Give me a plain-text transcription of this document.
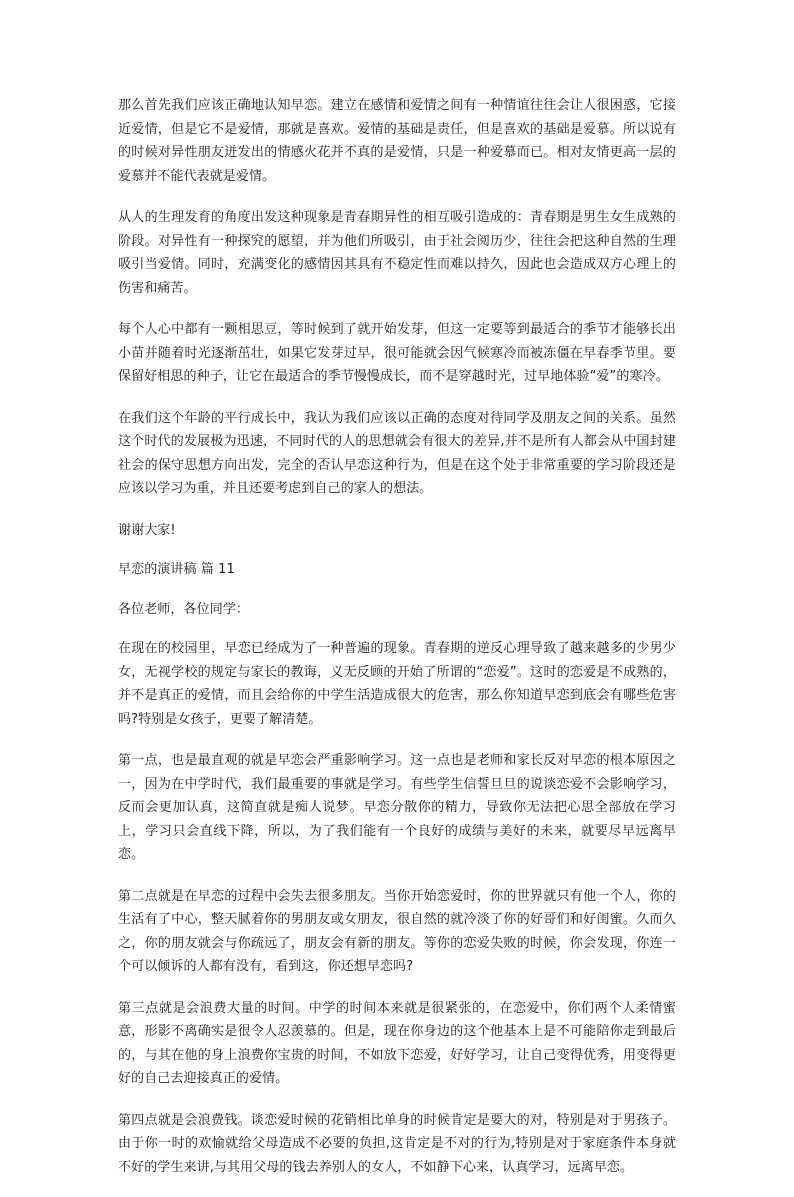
那么首先我们应该正确地认知早恋。建立在感情和爱情之间有一种情谊往往会让人很困惑，它接近爱情，但是它不是爱情，那就是喜欢。爱情的基础是责任，但是喜欢的基础是爱慕。所以说有的时候对异性朋友迸发出的情感火花并不真的是爱情，只是一种爱慕而已。相对友情更高一层的爱慕并不能代表就是爱情。

从人的生理发育的角度出发这种现象是青春期异性的相互吸引造成的：青春期是男生女生成熟的阶段。对异性有一种探究的愿望，并为他们所吸引，由于社会阅历少，往往会把这种自然的生理吸引当爱情。同时，充满变化的感情因其具有不稳定性而难以持久，因此也会造成双方心理上的伤害和痛苦。

每个人心中都有一颗相思豆，等时候到了就开始发芽，但这一定要等到最适合的季节才能够长出小苗并随着时光逐渐茁壮，如果它发芽过早，很可能就会因气候寒冷而被冻僵在早春季节里。要保留好相思的种子，让它在最适合的季节慢慢成长，而不是穿越时光，过早地体验“爱”的寒冷。

在我们这个年龄的平行成长中，我认为我们应该以正确的态度对待同学及朋友之间的关系。虽然这个时代的发展极为迅速，不同时代的人的思想就会有很大的差异,并不是所有人都会从中国封建社会的保守思想方向出发，完全的否认早恋这种行为，但是在这个处于非常重要的学习阶段还是应该以学习为重，并且还要考虑到自己的家人的想法。

谢谢大家!

早恋的演讲稿 篇 11

各位老师，各位同学：

在现在的校园里，早恋已经成为了一种普遍的现象。青春期的逆反心理导致了越来越多的少男少女，无视学校的规定与家长的教诲，义无反顾的开始了所谓的“恋爱”。这时的恋爱是不成熟的，并不是真正的爱情，而且会给你的中学生活造成很大的危害，那么你知道早恋到底会有哪些危害吗?特别是女孩子，更要了解清楚。

第一点，也是最直观的就是早恋会严重影响学习。这一点也是老师和家长反对早恋的根本原因之一，因为在中学时代，我们最重要的事就是学习。有些学生信誓旦旦的说谈恋爱不会影响学习，反而会更加认真，这简直就是痴人说梦。早恋分散你的精力，导致你无法把心思全部放在学习上，学习只会直线下降，所以，为了我们能有一个良好的成绩与美好的未来，就要尽早远离早恋。

第二点就是在早恋的过程中会失去很多朋友。当你开始恋爱时，你的世界就只有他一个人，你的生活有了中心，整天腻着你的男朋友或女朋友，很自然的就冷淡了你的好哥们和好闺蜜。久而久之，你的朋友就会与你疏远了，朋友会有新的朋友。等你的恋爱失败的时候，你会发现，你连一个可以倾诉的人都有没有，看到这，你还想早恋吗?

第三点就是会浪费大量的时间。中学的时间本来就是很紧张的，在恋爱中，你们两个人柔情蜜意，形影不离确实是很令人忍羡慕的。但是，现在你身边的这个他基本上是不可能陪你走到最后的，与其在他的身上浪费你宝贵的时间，不如放下恋爱，好好学习，让自己变得优秀，用变得更好的自己去迎接真正的爱情。

第四点就是会浪费钱。谈恋爱时候的花销相比单身的时候肯定是要大的对，特别是对于男孩子。由于你一时的欢愉就给父母造成不必要的负担,这肯定是不对的行为,特别是对于家庭条件本身就不好的学生来讲,与其用父母的钱去养别人的女人，不如静下心来，认真学习，远离早恋。
